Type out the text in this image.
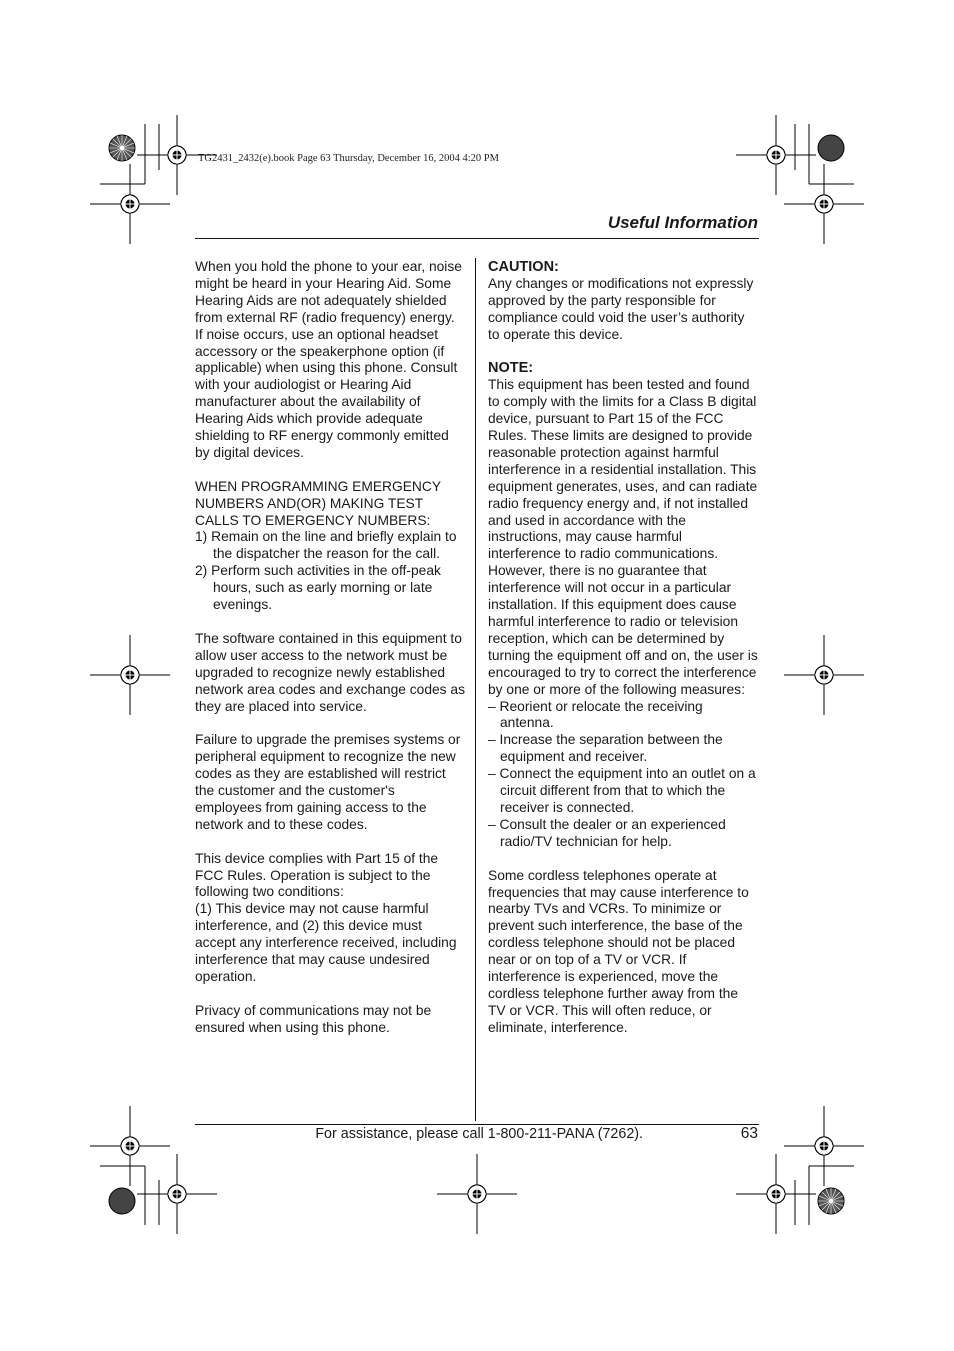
TG2431_2432(e).book Page 63 Thursday, December 16, 2004 4:20 PM
Useful Information

When you hold the phone to your ear, noise might be heard in your Hearing Aid. Some Hearing Aids are not adequately shielded from external RF (radio frequency) energy. If noise occurs, use an optional headset accessory or the speakerphone option (if applicable) when using this phone. Consult with your audiologist or Hearing Aid manufacturer about the availability of Hearing Aids which provide adequate shielding to RF energy commonly emitted by digital devices.

WHEN PROGRAMMING EMERGENCY NUMBERS AND(OR) MAKING TEST CALLS TO EMERGENCY NUMBERS:

1) Remain on the line and briefly explain to the dispatcher the reason for the call.

2) Perform such activities in the off-peak hours, such as early morning or late evenings.

The software contained in this equipment to allow user access to the network must be upgraded to recognize newly established network area codes and exchange codes as they are placed into service.

Failure to upgrade the premises systems or peripheral equipment to recognize the new codes as they are established will restrict the customer and the customer's employees from gaining access to the network and to these codes.

This device complies with Part 15 of the FCC Rules. Operation is subject to the following two conditions:

(1) This device may not cause harmful interference, and (2) this device must accept any interference received, including interference that may cause undesired operation.

Privacy of communications may not be ensured when using this phone.

CAUTION:

Any changes or modifications not expressly approved by the party responsible for compliance could void the user’s authority to operate this device.

NOTE:

This equipment has been tested and found to comply with the limits for a Class B digital device, pursuant to Part 15 of the FCC Rules. These limits are designed to provide reasonable protection against harmful interference in a residential installation. This equipment generates, uses, and can radiate radio frequency energy and, if not installed and used in accordance with the instructions, may cause harmful interference to radio communications. However, there is no guarantee that interference will not occur in a particular installation. If this equipment does cause harmful interference to radio or television reception, which can be determined by turning the equipment off and on, the user is encouraged to try to correct the interference by one or more of the following measures:

– Reorient or relocate the receiving antenna.

– Increase the separation between the equipment and receiver.

– Connect the equipment into an outlet on a circuit different from that to which the receiver is connected.

– Consult the dealer or an experienced radio/TV technician for help.

Some cordless telephones operate at frequencies that may cause interference to nearby TVs and VCRs. To minimize or prevent such interference, the base of the cordless telephone should not be placed near or on top of a TV or VCR. If interference is experienced, move the cordless telephone further away from the TV or VCR. This will often reduce, or eliminate, interference.

For assistance, please call 1-800-211-PANA (7262).	63
